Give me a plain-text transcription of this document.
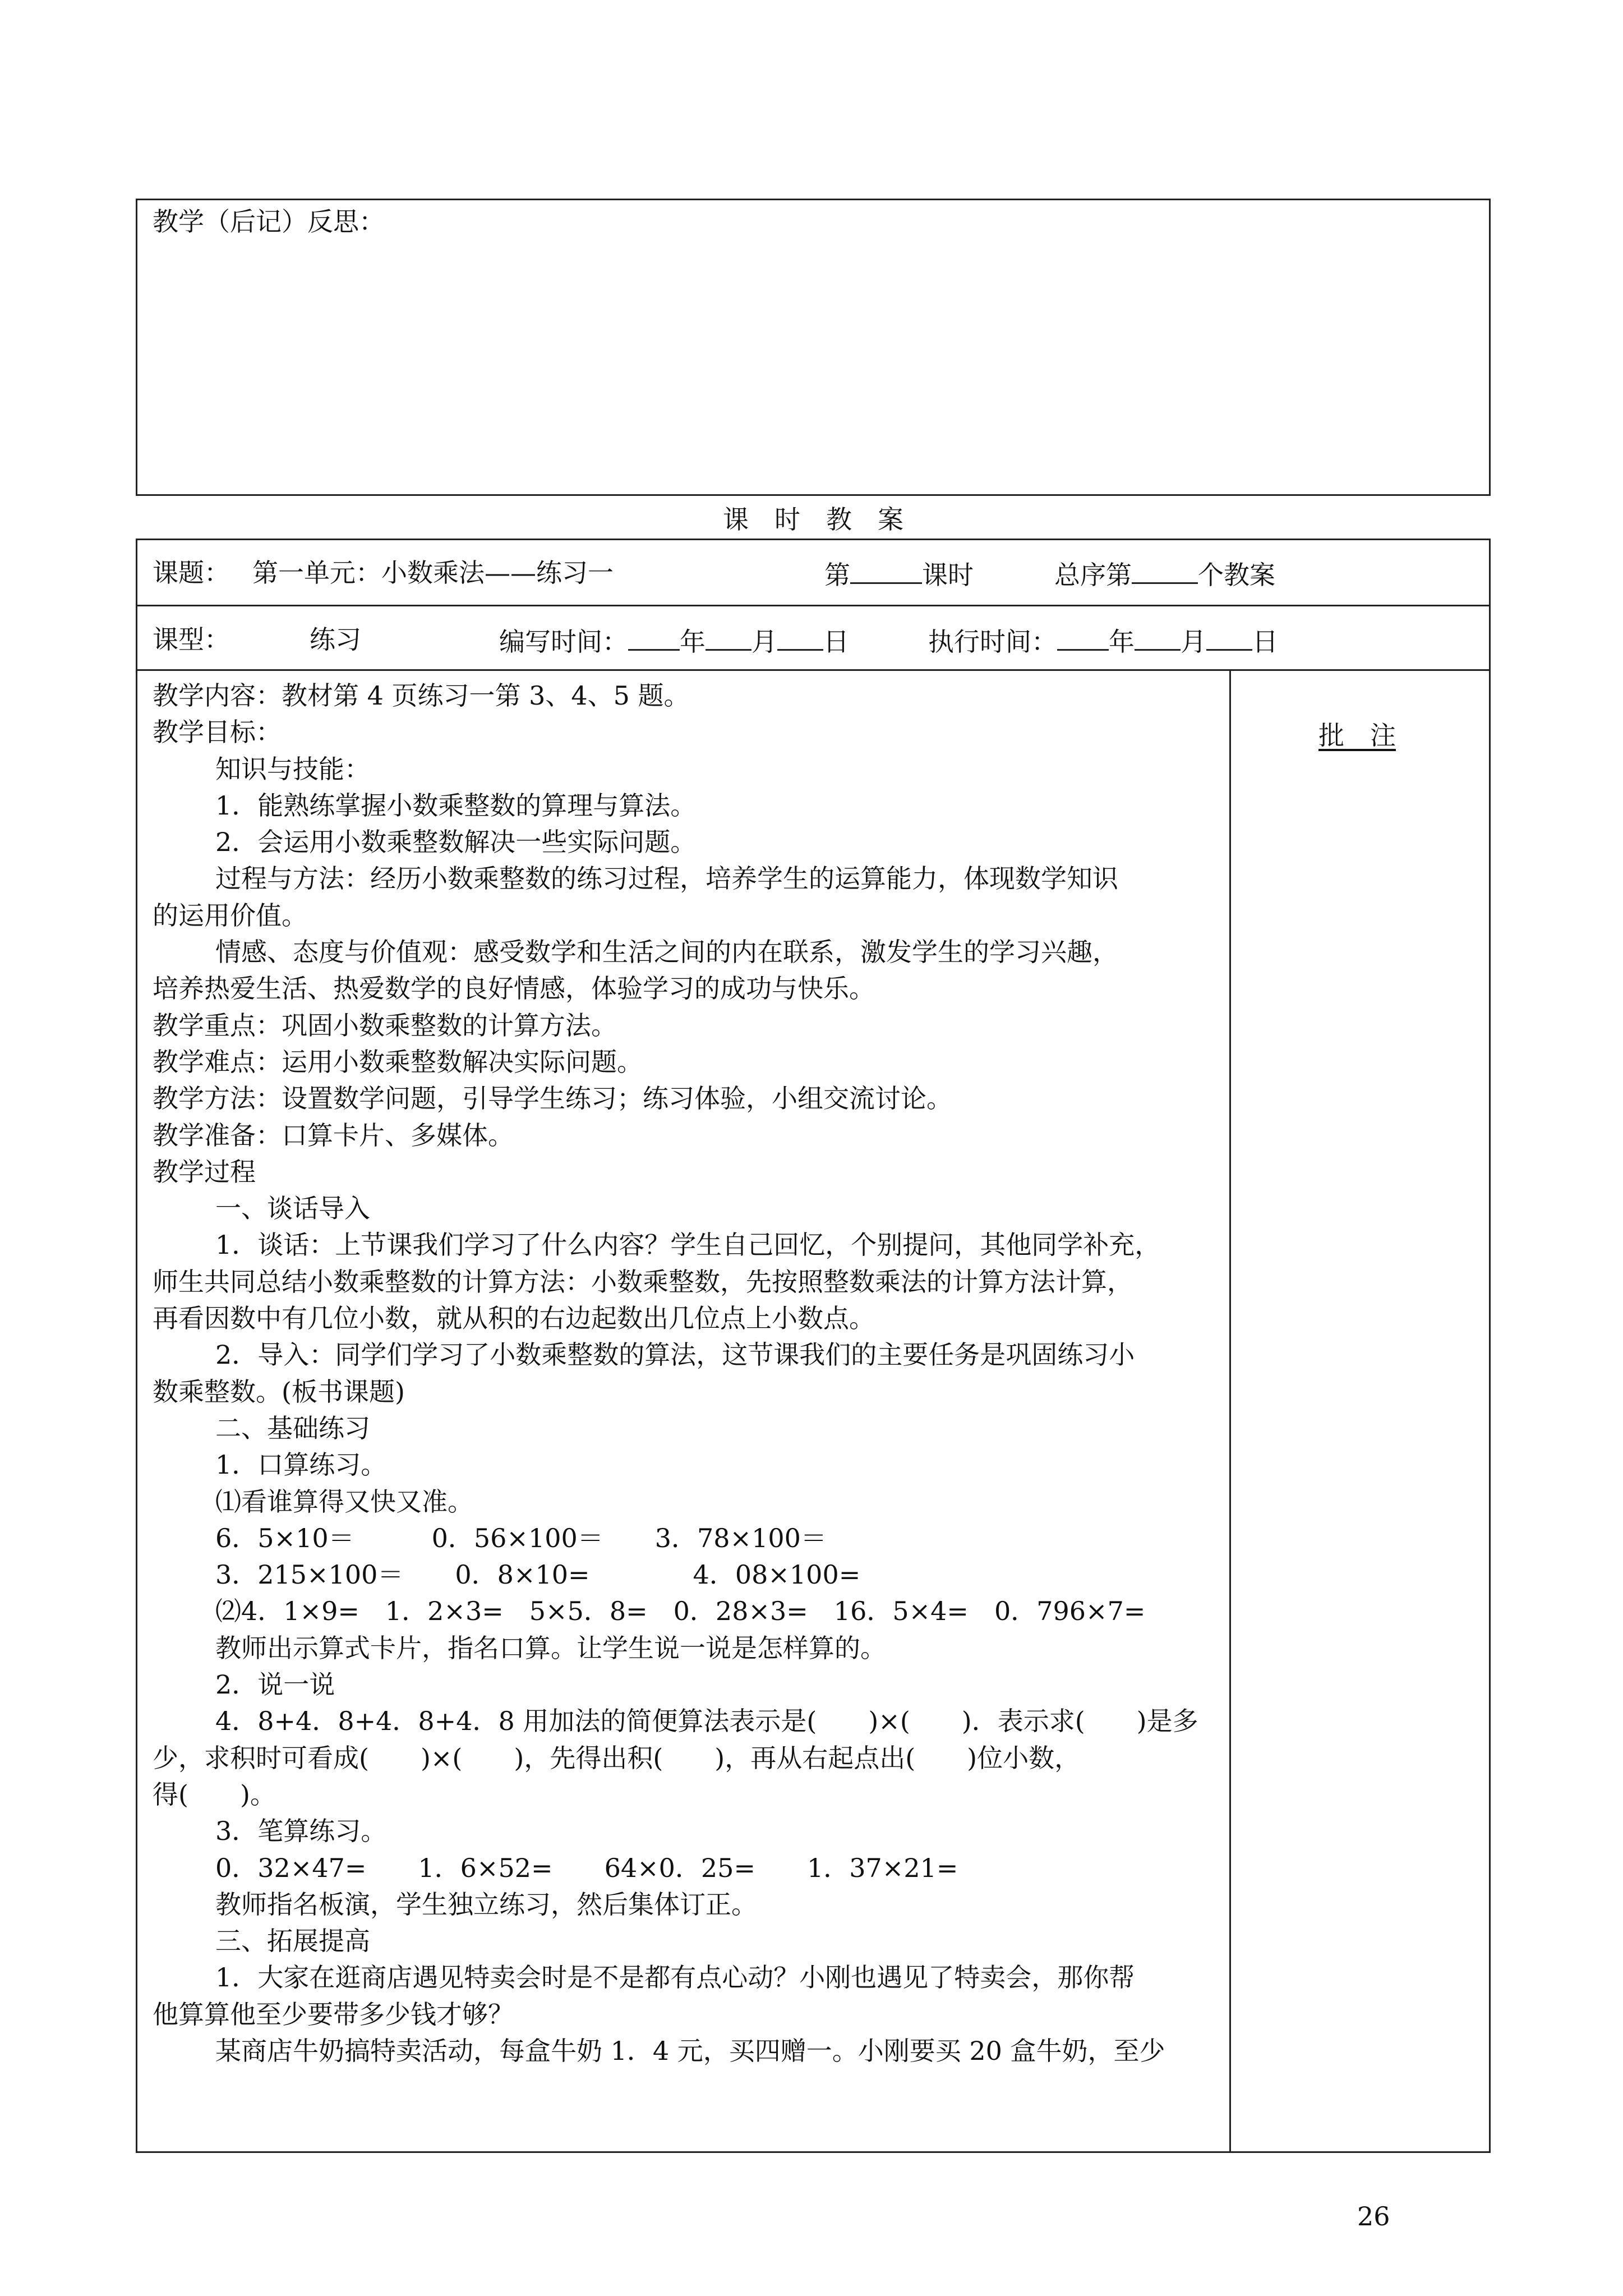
教学（后记）反思：
课　时　教　案
课题： 第一单元：小数乘法——练习一	第	课时	总序第	个教案
课型：	练习	编写时间： 年 月 日	执行时间： 年 月 日
批　注
教学内容：教材第 4 页练习一第 3、4、5 题。
教学目标：
知识与技能：
1．能熟练掌握小数乘整数的算理与算法。
2．会运用小数乘整数解决一些实际问题。
过程与方法：经历小数乘整数的练习过程，培养学生的运算能力，体现数学知识
的运用价值。
情感、态度与价值观：感受数学和生活之间的内在联系，激发学生的学习兴趣，
培养热爱生活、热爱数学的良好情感，体验学习的成功与快乐。
教学重点：巩固小数乘整数的计算方法。
教学难点：运用小数乘整数解决实际问题。
教学方法：设置数学问题，引导学生练习；练习体验，小组交流讨论。
教学准备：口算卡片、多媒体。
教学过程
一、谈话导入
1．谈话：上节课我们学习了什么内容？学生自己回忆，个别提问，其他同学补充，
师生共同总结小数乘整数的计算方法：小数乘整数，先按照整数乘法的计算方法计算，
再看因数中有几位小数，就从积的右边起数出几位点上小数点。
2．导入：同学们学习了小数乘整数的算法，这节课我们的主要任务是巩固练习小
数乘整数。(板书课题)
二、基础练习
1．口算练习。
⑴看谁算得又快又准。
6．5×10＝　　　0．56×100＝　　3．78×100＝
3．215×100＝　　0．8×10=　　　　4．08×100=
⑵4．1×9=　1．2×3=　5×5．8=　0．28×3=　16．5×4=　0．796×7=
教师出示算式卡片，指名口算。让学生说一说是怎样算的。
2．说一说
4．8+4．8+4．8+4．8 用加法的简便算法表示是(　　)×(　　)．表示求(　　)是多
少，求积时可看成(　　)×(　　)，先得出积(　　)，再从右起点出(　　)位小数，
得(　　)。
3．笔算练习。
0．32×47=　　1．6×52=　　64×0．25=　　1．37×21=
教师指名板演，学生独立练习，然后集体订正。
三、拓展提高
1．大家在逛商店遇见特卖会时是不是都有点心动？小刚也遇见了特卖会，那你帮
他算算他至少要带多少钱才够？
某商店牛奶搞特卖活动，每盒牛奶 1．4 元，买四赠一。小刚要买 20 盒牛奶，至少
26
